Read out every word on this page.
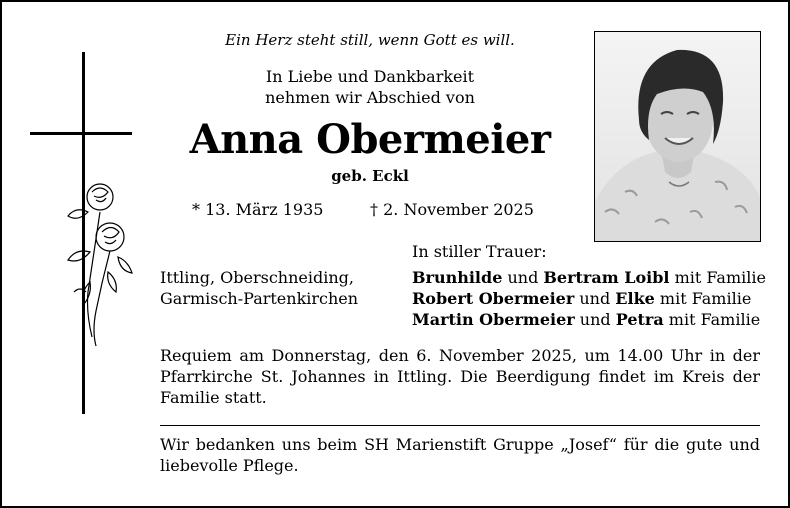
Ein Herz steht still, wenn Gott es will.
In Liebe und Dankbarkeit
nehmen wir Abschied von
Anna Obermeier
geb. Eckl
* 13. März 1935	† 2. November 2025
In stiller Trauer:
Ittling, Oberschneiding,
Garmisch-Partenkirchen
Brunhilde und Bertram Loibl mit Familie
Robert Obermeier und Elke mit Familie
Martin Obermeier und Petra mit Familie
Requiem am Donnerstag, den 6. November 2025, um 14.00 Uhr in der Pfarrkirche St. Johannes in Ittling. Die Beerdigung findet im Kreis der Familie statt.
Wir bedanken uns beim SH Marienstift Gruppe „Josef“ für die gute und liebevolle Pflege.
